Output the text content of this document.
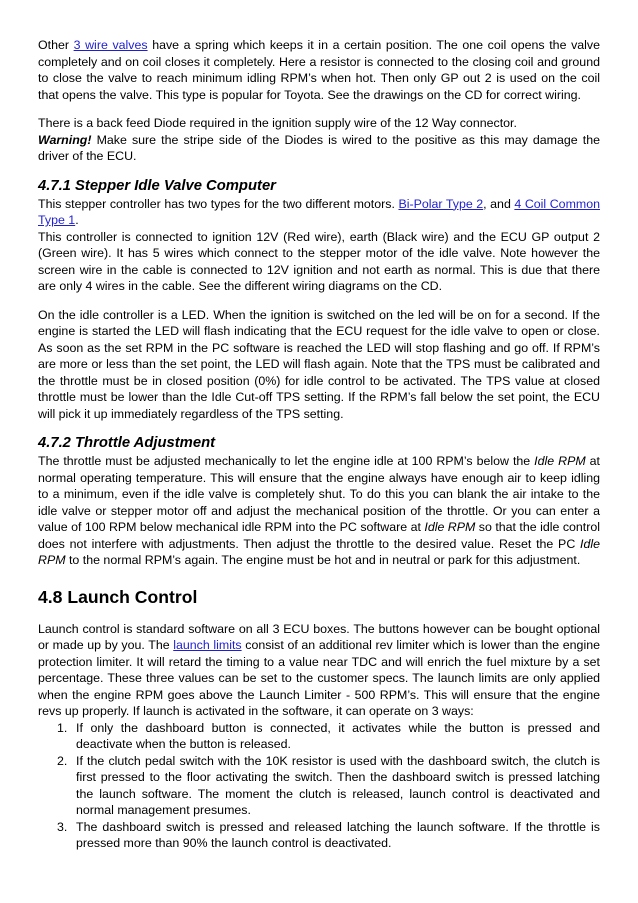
Other 3 wire valves have a spring which keeps it in a certain position. The one coil opens the valve completely and on coil closes it completely. Here a resistor is connected to the closing coil and ground to close the valve to reach minimum idling RPM’s when hot. Then only GP out 2 is used on the coil that opens the valve. This type is popular for Toyota. See the drawings on the CD for correct wiring.

There is a back feed Diode required in the ignition supply wire of the 12 Way connector.
Warning! Make sure the stripe side of the Diodes is wired to the positive as this may damage the driver of the ECU.

4.7.1 Stepper Idle Valve Computer

This stepper controller has two types for the two different motors. Bi-Polar Type 2, and 4 Coil Common Type 1.

This controller is connected to ignition 12V (Red wire), earth (Black wire) and the ECU GP output 2 (Green wire). It has 5 wires which connect to the stepper motor of the idle valve. Note however the screen wire in the cable is connected to 12V ignition and not earth as normal. This is due that there are only 4 wires in the cable. See the different wiring diagrams on the CD.

On the idle controller is a LED. When the ignition is switched on the led will be on for a second. If the engine is started the LED will flash indicating that the ECU request for the idle valve to open or close. As soon as the set RPM in the PC software is reached the LED will stop flashing and go off. If RPM’s are more or less than the set point, the LED will flash again. Note that the TPS must be calibrated and the throttle must be in closed position (0%) for idle control to be activated. The TPS value at closed throttle must be lower than the Idle Cut-off TPS setting. If the RPM’s fall below the set point, the ECU will pick it up immediately regardless of the TPS setting.

4.7.2 Throttle Adjustment

The throttle must be adjusted mechanically to let the engine idle at 100 RPM’s below the Idle RPM at normal operating temperature. This will ensure that the engine always have enough air to keep idling to a minimum, even if the idle valve is completely shut. To do this you can blank the air intake to the idle valve or stepper motor off and adjust the mechanical position of the throttle. Or you can enter a value of 100 RPM below mechanical idle RPM into the PC software at Idle RPM so that the idle control does not interfere with adjustments. Then adjust the throttle to the desired value. Reset the PC Idle RPM to the normal RPM’s again. The engine must be hot and in neutral or park for this adjustment.

4.8 Launch Control

Launch control is standard software on all 3 ECU boxes. The buttons however can be bought optional or made up by you. The launch limits consist of an additional rev limiter which is lower than the engine protection limiter. It will retard the timing to a value near TDC and will enrich the fuel mixture by a set percentage. These three values can be set to the customer specs. The launch limits are only applied when the engine RPM goes above the Launch Limiter - 500 RPM’s. This will ensure that the engine revs up properly. If launch is activated in the software, it can operate on 3 ways:

1. If only the dashboard button is connected, it activates while the button is pressed and deactivate when the button is released.
2. If the clutch pedal switch with the 10K resistor is used with the dashboard switch, the clutch is first pressed to the floor activating the switch. Then the dashboard switch is pressed latching the launch software. The moment the clutch is released, launch control is deactivated and normal management presumes.
3. The dashboard switch is pressed and released latching the launch software. If the throttle is pressed more than 90% the launch control is deactivated.
